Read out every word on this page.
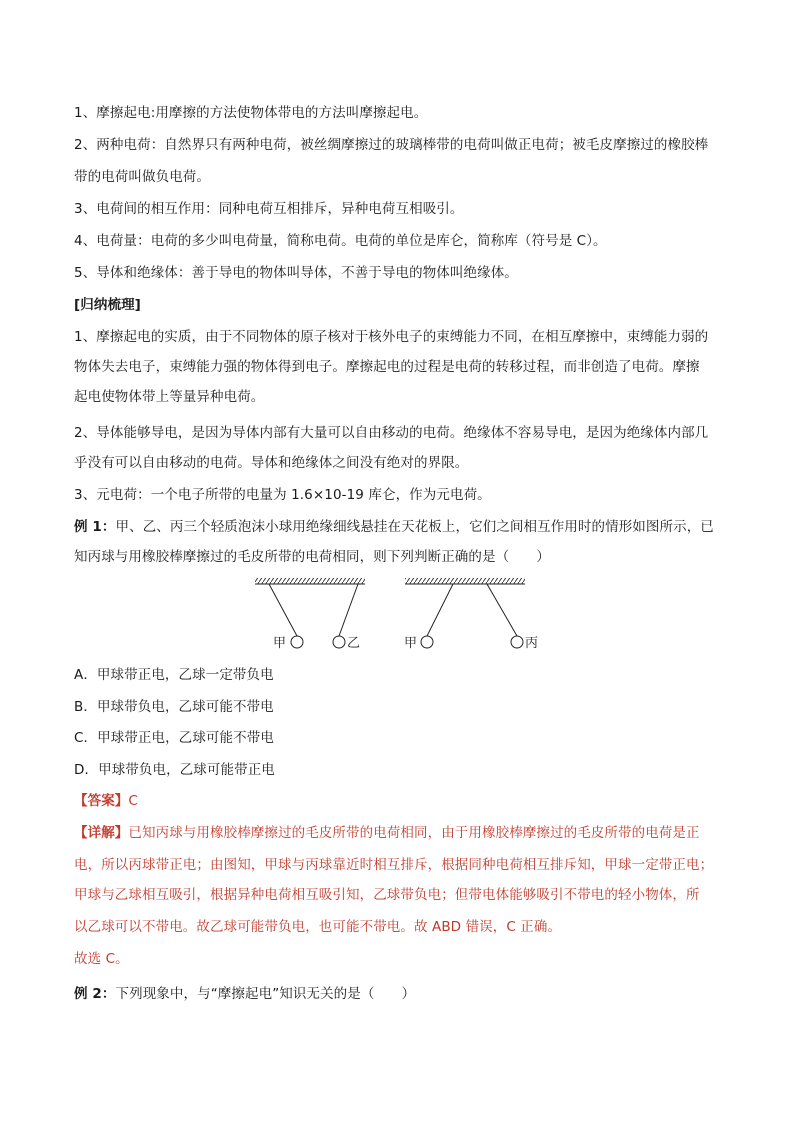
1、摩擦起电:用摩擦的方法使物体带电的方法叫摩擦起电。
2、两种电荷：自然界只有两种电荷，被丝绸摩擦过的玻璃棒带的电荷叫做正电荷；被毛皮摩擦过的橡胶棒
带的电荷叫做负电荷。
3、电荷间的相互作用：同种电荷互相排斥，异种电荷互相吸引。
4、电荷量：电荷的多少叫电荷量，简称电荷。电荷的单位是库仑，简称库（符号是 C）。
5、导体和绝缘体：善于导电的物体叫导体，不善于导电的物体叫绝缘体。
[归纳梳理]
1、摩擦起电的实质，由于不同物体的原子核对于核外电子的束缚能力不同，在相互摩擦中，束缚能力弱的
物体失去电子，束缚能力强的物体得到电子。摩擦起电的过程是电荷的转移过程，而非创造了电荷。摩擦
起电使物体带上等量异种电荷。
2、导体能够导电，是因为导体内部有大量可以自由移动的电荷。绝缘体不容易导电，是因为绝缘体内部几
乎没有可以自由移动的电荷。导体和绝缘体之间没有绝对的界限。
3、元电荷：一个电子所带的电量为 1.6×10-19 库仑，作为元电荷。
例 1：甲、乙、丙三个轻质泡沫小球用绝缘细线悬挂在天花板上，它们之间相互作用时的情形如图所示，已
知丙球与用橡胶棒摩擦过的毛皮所带的电荷相同，则下列判断正确的是（　　）
甲	乙	甲	丙
A．甲球带正电，乙球一定带负电
B．甲球带负电，乙球可能不带电
C．甲球带正电，乙球可能不带电
D．甲球带负电，乙球可能带正电
【答案】C
【详解】已知丙球与用橡胶棒摩擦过的毛皮所带的电荷相同，由于用橡胶棒摩擦过的毛皮所带的电荷是正
电，所以丙球带正电；由图知，甲球与丙球靠近时相互排斥，根据同种电荷相互排斥知，甲球一定带正电；
甲球与乙球相互吸引，根据异种电荷相互吸引知，乙球带负电；但带电体能够吸引不带电的轻小物体，所
以乙球可以不带电。故乙球可能带负电，也可能不带电。故 ABD 错误，C 正确。
故选 C。
例 2：下列现象中，与“摩擦起电”知识无关的是（　　）
